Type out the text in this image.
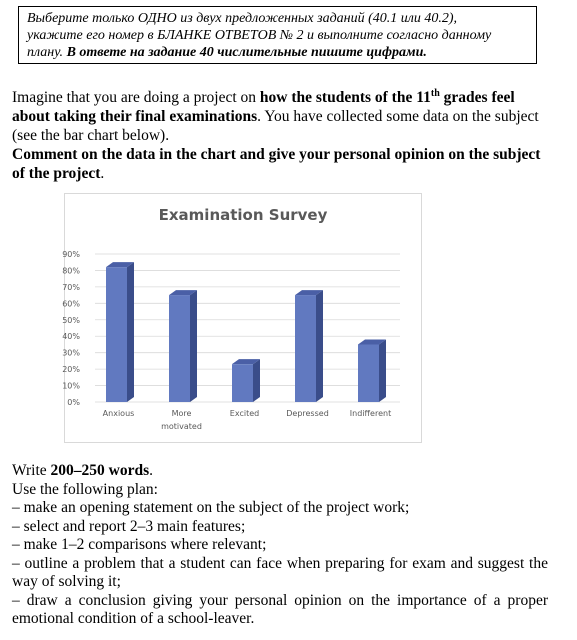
Выберите только ОДНО из двух предложенных заданий (40.1 или 40.2),
укажите его номер в БЛАНКЕ ОТВЕТОВ № 2 и выполните согласно данному
плану. В ответе на задание 40 числительные пишите цифрами.
Imagine that you are doing a project on how the students of the 11th grades feel about taking their final examinations. You have collected some data on the subject (see the bar chart below).
Comment on the data in the chart and give your personal opinion on the subject of the project.
Examination Survey
0%
10%
20%
30%
40%
50%
60%
70%
80%
90%
Anxious	More
motivated
Excited	Depressed	Indifferent
Write 200–250 words.
Use the following plan:
– make an opening statement on the subject of the project work;
– select and report 2–3 main features;
– make 1–2 comparisons where relevant;
– outline a problem that a student can face when preparing for exam and suggest the way of solving it;
– draw a conclusion giving your personal opinion on the importance of a proper emotional condition of a school-leaver.
